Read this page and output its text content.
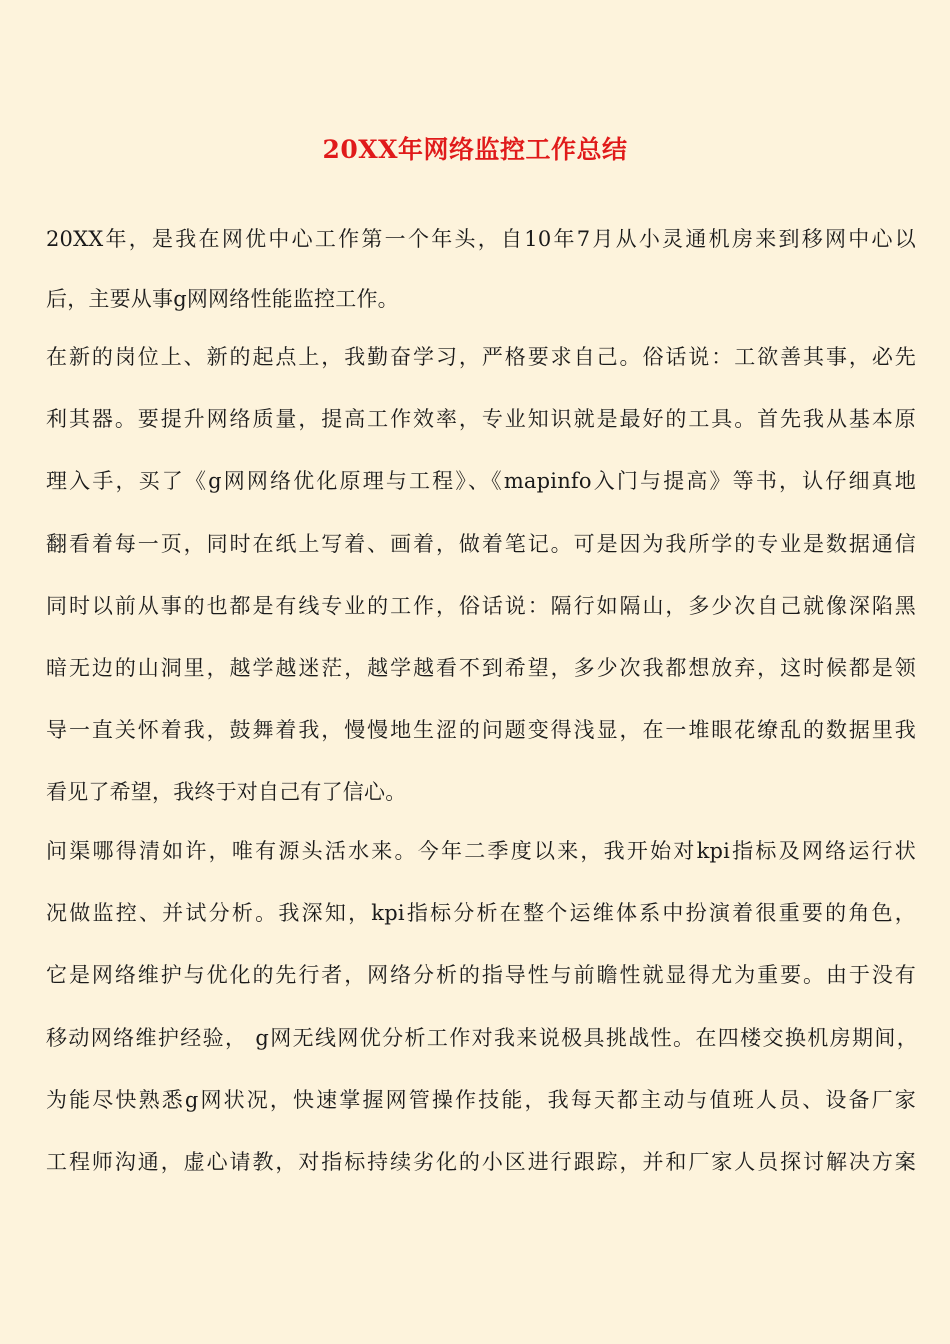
20XX年网络监控工作总结
20XX年，是我在网优中心工作第一个年头，自10年7月从小灵通机房来到移网中心以
后，主要从事g网网络性能监控工作。
在新的岗位上、新的起点上，我勤奋学习，严格要求自己。俗话说：工欲善其事，必先
利其器。要提升网络质量，提高工作效率，专业知识就是最好的工具。首先我从基本原
理入手，买了《g网网络优化原理与工程》、《mapinfo入门与提高》等书，认仔细真地
翻看着每一页，同时在纸上写着、画着，做着笔记。可是因为我所学的专业是数据通信
同时以前从事的也都是有线专业的工作，俗话说：隔行如隔山，多少次自己就像深陷黑
暗无边的山洞里，越学越迷茫，越学越看不到希望，多少次我都想放弃，这时候都是领
导一直关怀着我，鼓舞着我，慢慢地生涩的问题变得浅显，在一堆眼花缭乱的数据里我
看见了希望，我终于对自己有了信心。
问渠哪得清如许，唯有源头活水来。今年二季度以来，我开始对kpi指标及网络运行状
况做监控、并试分析。我深知，kpi指标分析在整个运维体系中扮演着很重要的角色，
它是网络维护与优化的先行者，网络分析的指导性与前瞻性就显得尤为重要。由于没有
移动网络维护经验， g网无线网优分析工作对我来说极具挑战性。在四楼交换机房期间，
为能尽快熟悉g网状况，快速掌握网管操作技能，我每天都主动与值班人员、设备厂家
工程师沟通，虚心请教，对指标持续劣化的小区进行跟踪，并和厂家人员探讨解决方案
